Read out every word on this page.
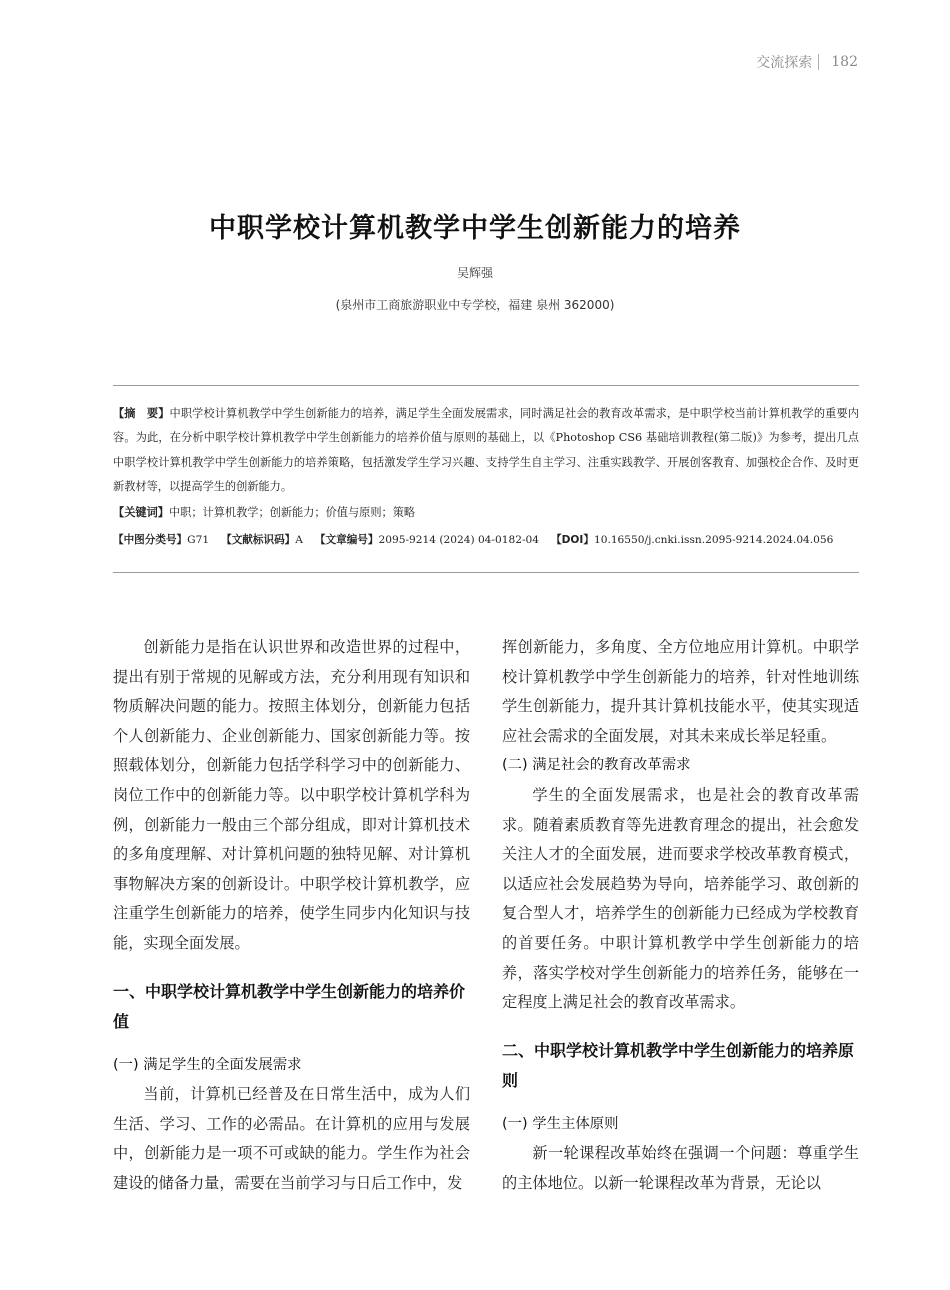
交流探索 182
中职学校计算机教学中学生创新能力的培养
吴辉强
(泉州市工商旅游职业中专学校，福建 泉州 362000)

【摘　要】中职学校计算机教学中学生创新能力的培养，满足学生全面发展需求，同时满足社会的教育改革需求，是中职学校当前计算机教学的重要内容。为此，在分析中职学校计算机教学中学生创新能力的培养价值与原则的基础上，以《Photoshop CS6 基础培训教程(第二版)》为参考，提出几点中职学校计算机教学中学生创新能力的培养策略，包括激发学生学习兴趣、支持学生自主学习、注重实践教学、开展创客教育、加强校企合作、及时更新教材等，以提高学生的创新能力。

【关键词】中职；计算机教学；创新能力；价值与原则；策略

【中图分类号】G71 【文献标识码】A 【文章编号】2095-9214 (2024) 04-0182-04 【DOI】10.16550/j.cnki.issn.2095-9214.2024.04.056

创新能力是指在认识世界和改造世界的过程中，提出有别于常规的见解或方法，充分利用现有知识和物质解决问题的能力。按照主体划分，创新能力包括个人创新能力、企业创新能力、国家创新能力等。按照载体划分，创新能力包括学科学习中的创新能力、岗位工作中的创新能力等。以中职学校计算机学科为例，创新能力一般由三个部分组成，即对计算机技术的多角度理解、对计算机问题的独特见解、对计算机事物解决方案的创新设计。中职学校计算机教学，应注重学生创新能力的培养，使学生同步内化知识与技能，实现全面发展。

一、中职学校计算机教学中学生创新能力的培养价值
(一) 满足学生的全面发展需求

当前，计算机已经普及在日常生活中，成为人们生活、学习、工作的必需品。在计算机的应用与发展中，创新能力是一项不可或缺的能力。学生作为社会建设的储备力量，需要在当前学习与日后工作中，发

挥创新能力，多角度、全方位地应用计算机。中职学校计算机教学中学生创新能力的培养，针对性地训练学生创新能力，提升其计算机技能水平，使其实现适应社会需求的全面发展，对其未来成长举足轻重。

(二) 满足社会的教育改革需求

学生的全面发展需求，也是社会的教育改革需求。随着素质教育等先进教育理念的提出，社会愈发关注人才的全面发展，进而要求学校改革教育模式，以适应社会发展趋势为导向，培养能学习、敢创新的复合型人才，培养学生的创新能力已经成为学校教育的首要任务。中职计算机教学中学生创新能力的培养，落实学校对学生创新能力的培养任务，能够在一定程度上满足社会的教育改革需求。

二、中职学校计算机教学中学生创新能力的培养原则
(一) 学生主体原则

新一轮课程改革始终在强调一个问题：尊重学生的主体地位。以新一轮课程改革为背景，无论以
